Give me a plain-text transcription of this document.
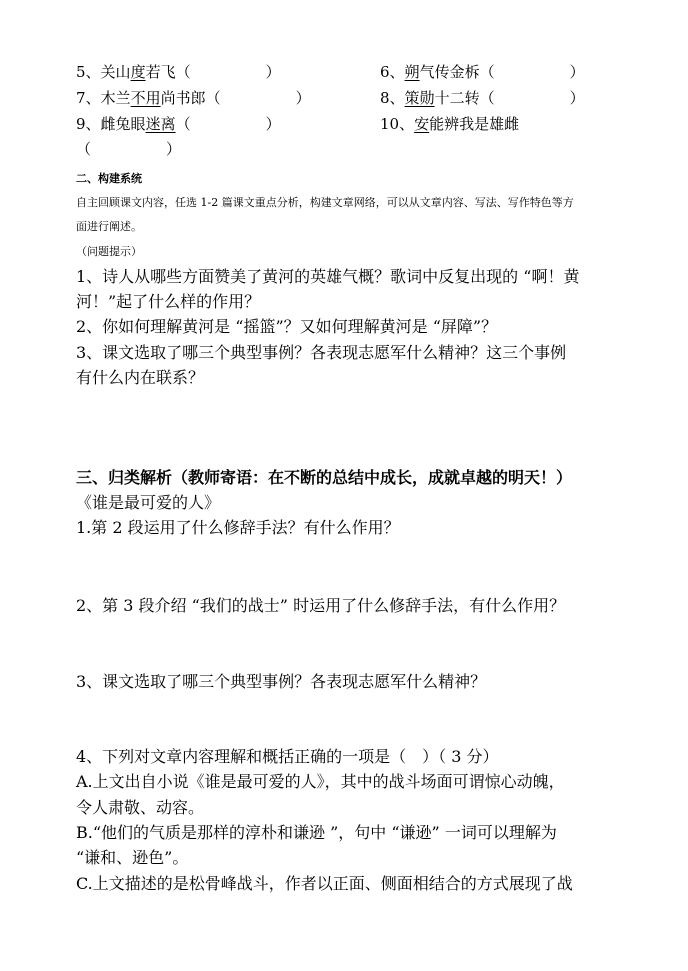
5、关山度若飞（　　　　　）	6、朔气传金柝（　　　　　）
7、木兰不用尚书郎（　　　　　）	8、策勋十二转（　　　　　）
9、雌兔眼迷离（　　　　　）	10、安能辨我是雄雌
（　　　　　）
二、构建系统
自主回顾课文内容，任选 1-2 篇课文重点分析，构建文章网络，可以从文章内容、写法、写作特色等方
面进行阐述。
（问题提示）
1、诗人从哪些方面赞美了黄河的英雄气概？歌词中反复出现的 “啊！黄
河！”起了什么样的作用？
2、你如何理解黄河是 “摇篮”？又如何理解黄河是 “屏障”？
3、课文选取了哪三个典型事例？各表现志愿军什么精神？这三个事例
有什么内在联系？
三、归类解析（教师寄语：在不断的总结中成长，成就卓越的明天！）
《谁是最可爱的人》
1.第 2 段运用了什么修辞手法？有什么作用？
2、第 3 段介绍 “我们的战士” 时运用了什么修辞手法，有什么作用？
3、课文选取了哪三个典型事例？各表现志愿军什么精神？
4、下列对文章内容理解和概括正确的一项是（　）（ 3 分）
A.上文出自小说《谁是最可爱的人》，其中的战斗场面可谓惊心动魄，
令人肃敬、动容。
B.“他们的气质是那样的淳朴和谦逊 ”，句中 “谦逊” 一词可以理解为
“谦和、逊色”。
C.上文描述的是松骨峰战斗，作者以正面、侧面相结合的方式展现了战
